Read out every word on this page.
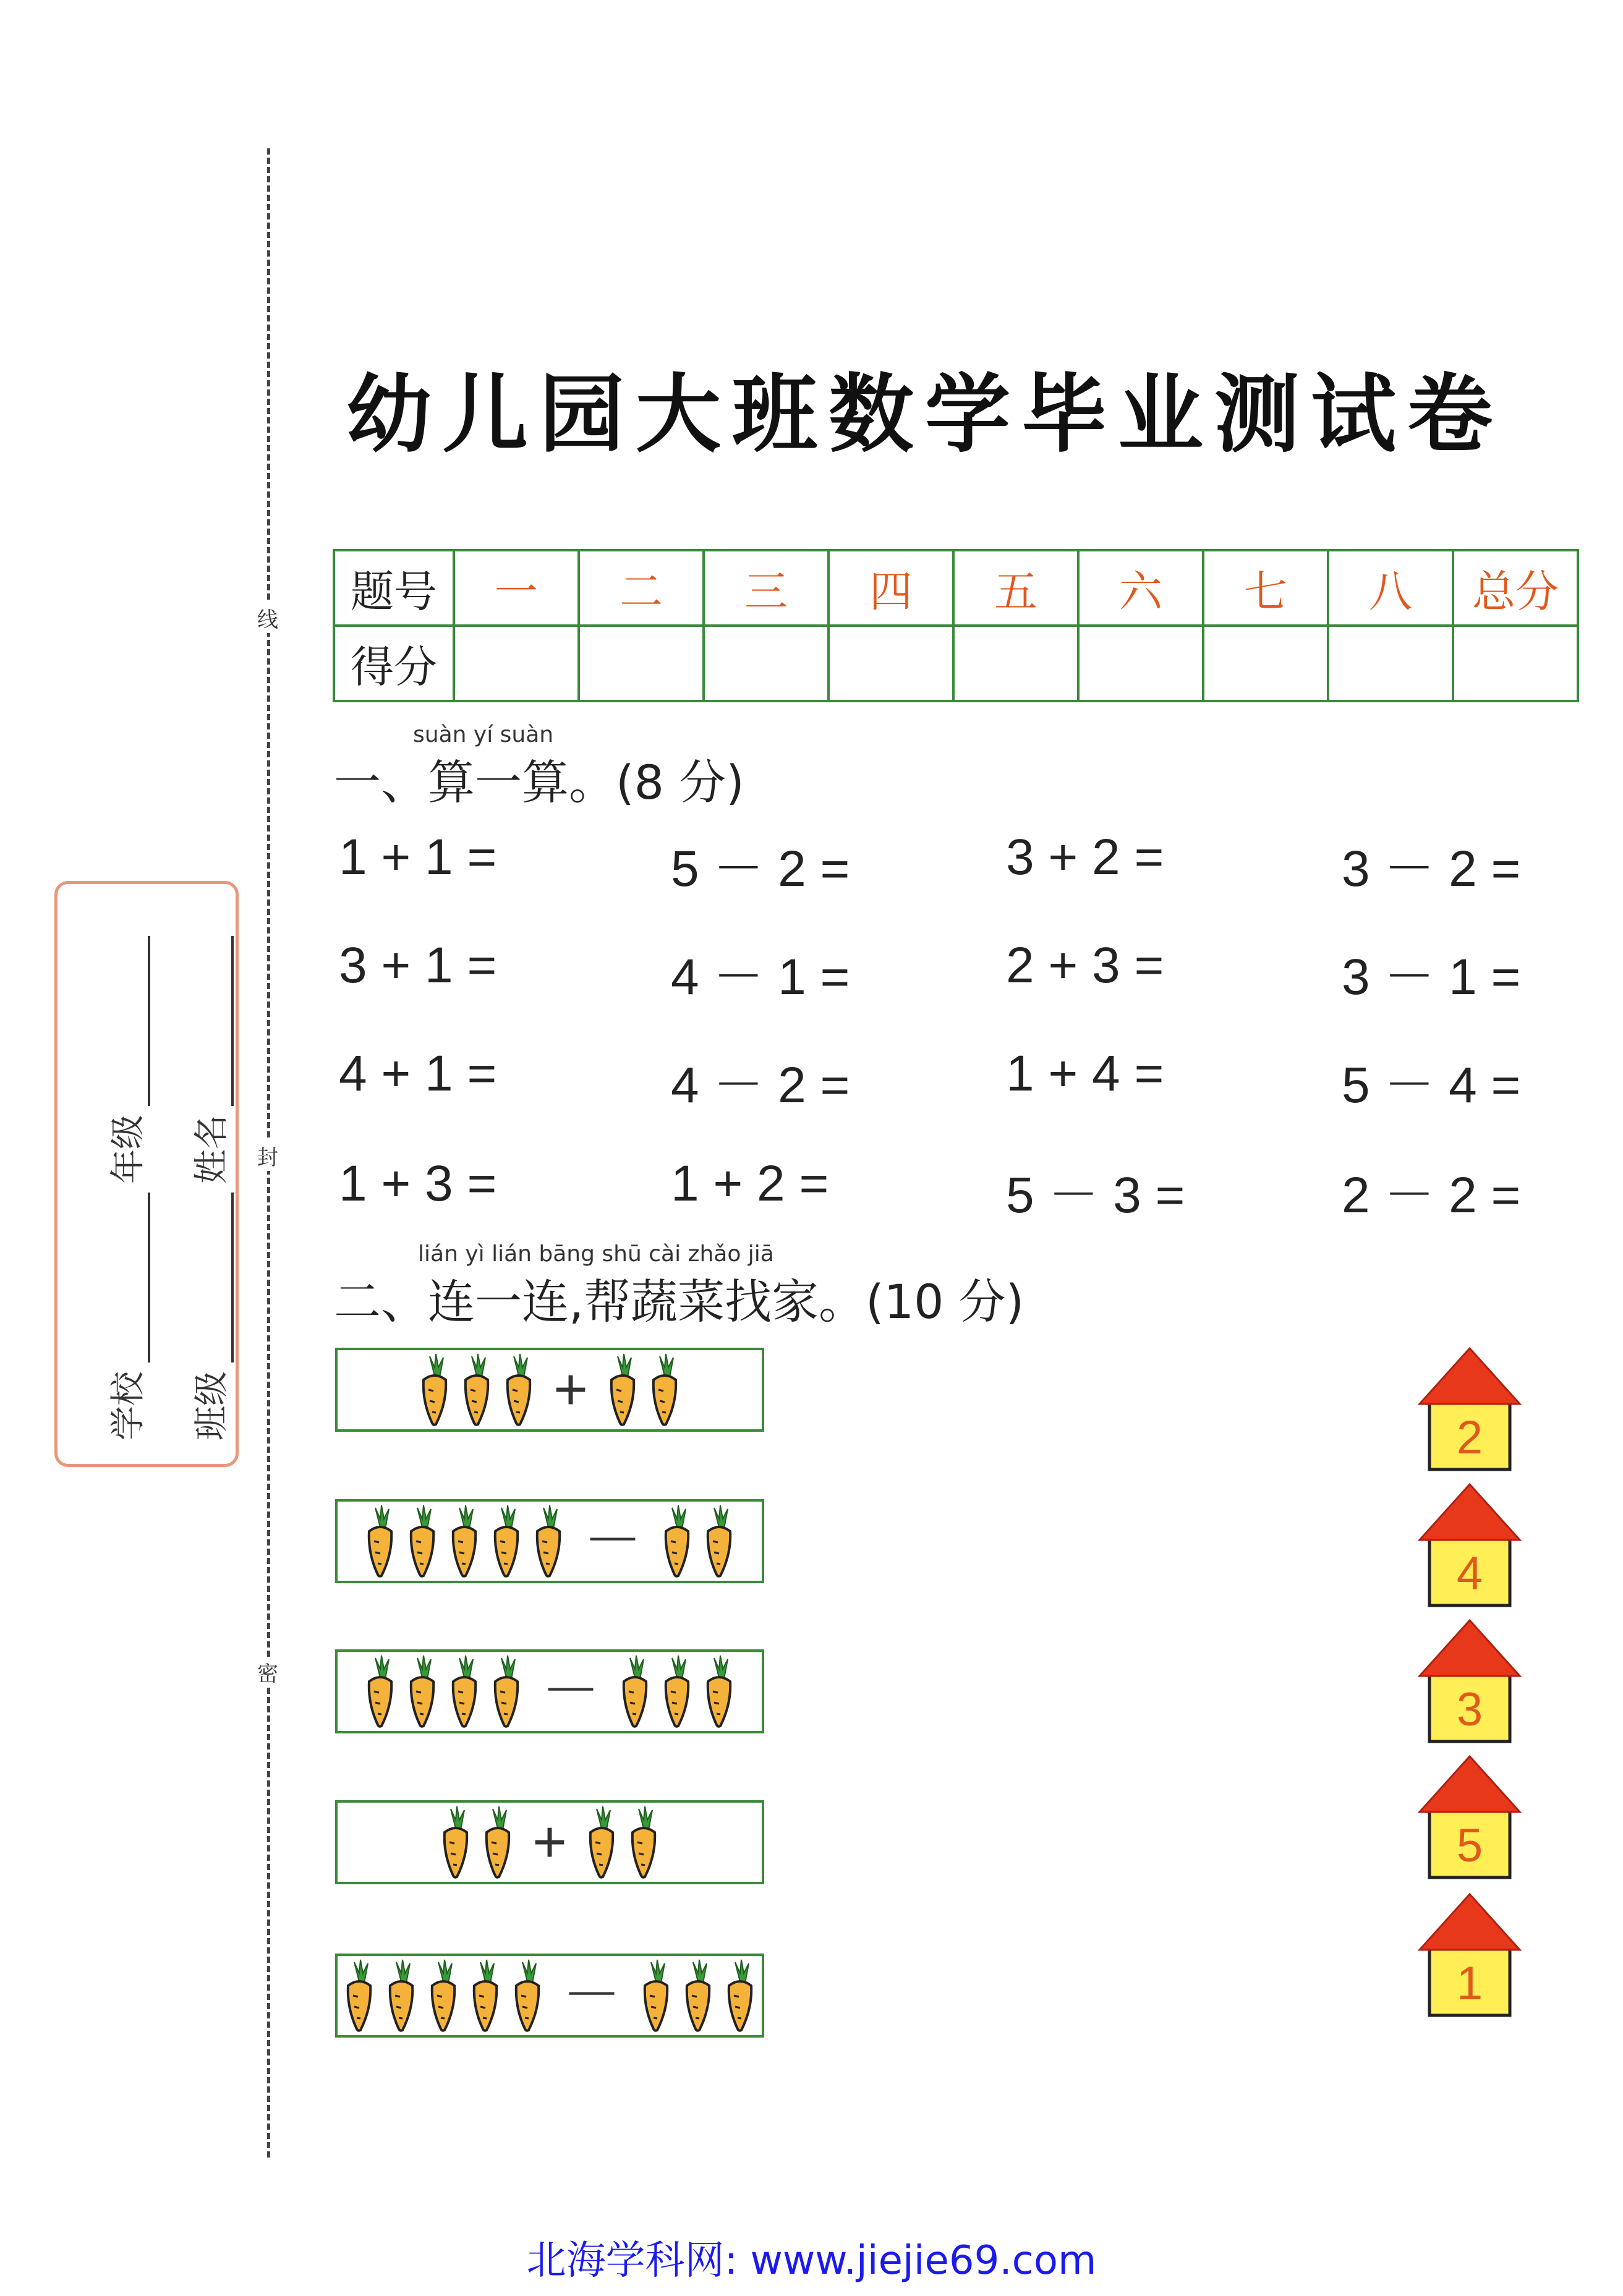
线
封
密
学校
年级
班级
姓名
幼儿园大班数学毕业测试卷
题号	一	二	三	四	五	六	七	八	总分
得分									
suàn yí suàn
一、算一算。(8 分)
1 + 1 =	5 － 2 =	3 + 2 =	3 － 2 =
3 + 1 =	4 － 1 =	2 + 3 =	3 － 1 =
4 + 1 =	4 － 2 =	1 + 4 =	5 － 4 =
1 + 3 =	1 + 2 =	5 － 3 =	2 － 2 =
lián yì lián bāng shū cài zhǎo jiā
二、连一连,帮蔬菜找家。(10 分)
+
－
－
+
－
2
4
3
5
1
北海学科网: www.jiejie69.com
